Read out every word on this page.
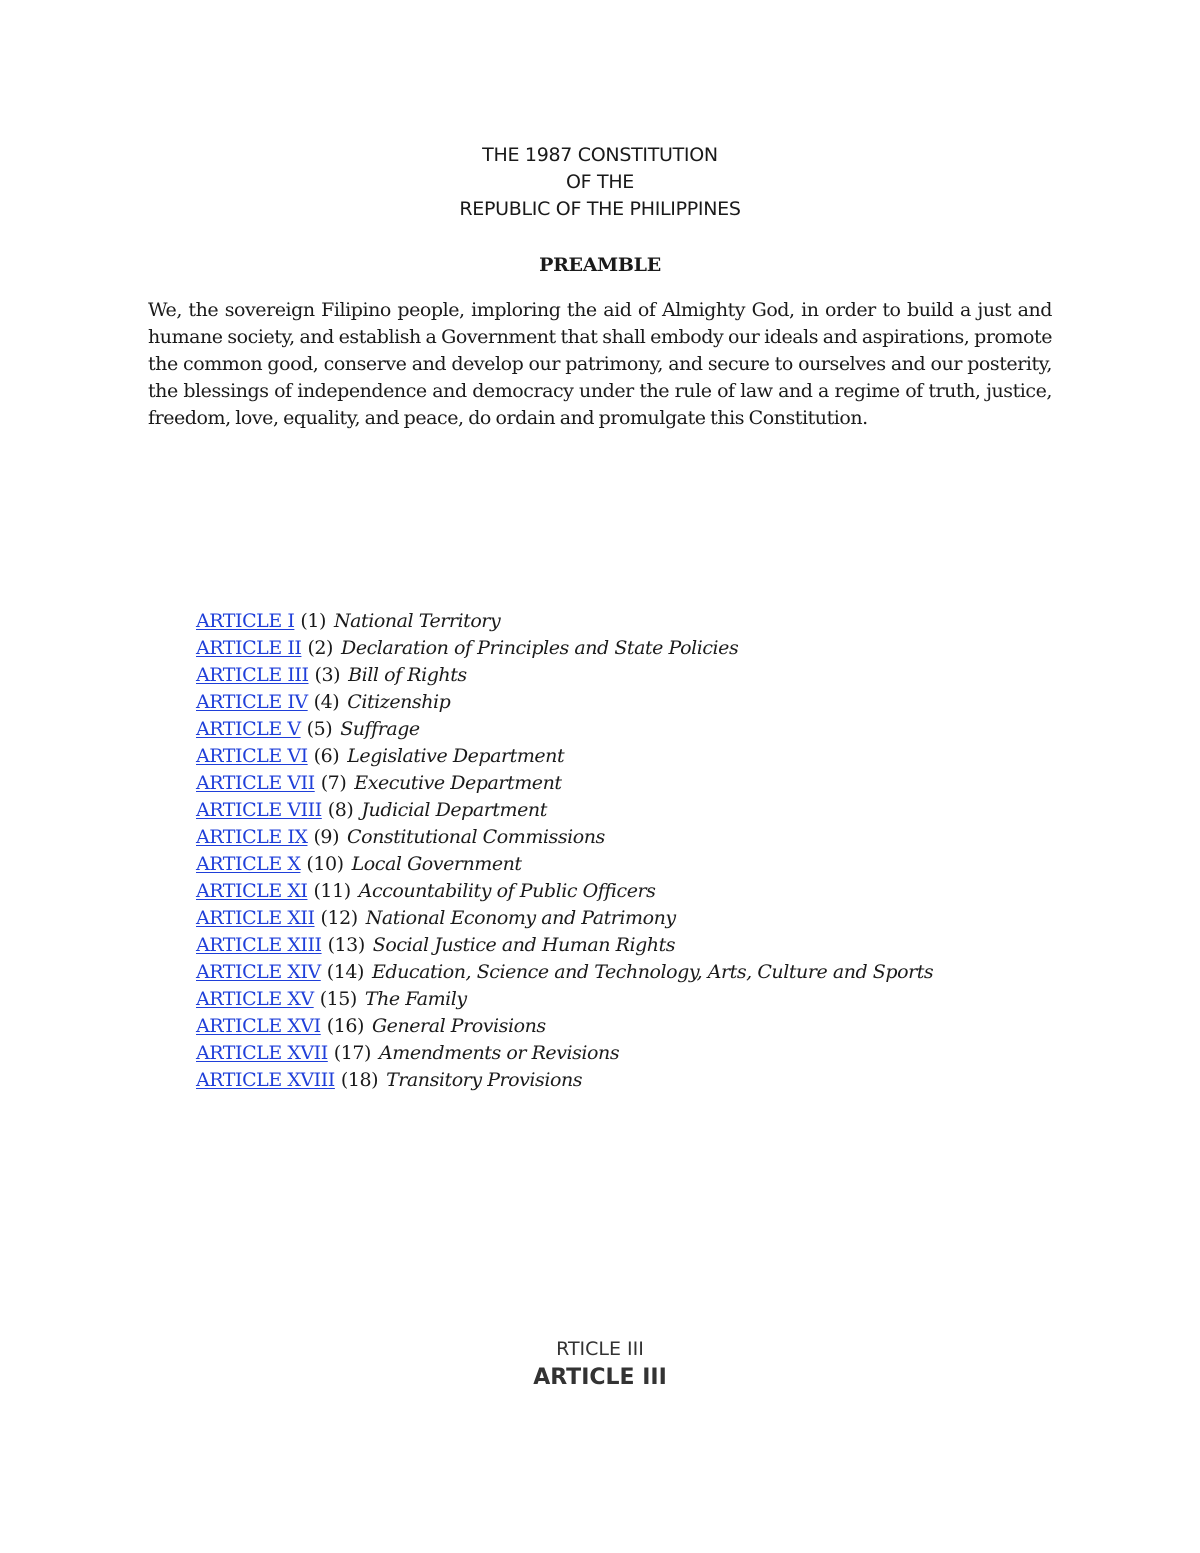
THE 1987 CONSTITUTION
OF THE
REPUBLIC OF THE PHILIPPINES
PREAMBLE

We, the sovereign Filipino people, imploring the aid of Almighty God, in order to build a just and humane society, and establish a Government that shall embody our ideals and aspirations, promote the common good, conserve and develop our patrimony, and secure to ourselves and our posterity, the blessings of independence and democracy under the rule of law and a regime of truth, justice, freedom, love, equality, and peace, do ordain and promulgate this Constitution.

ARTICLE I (1) National Territory
ARTICLE II (2) Declaration of Principles and State Policies
ARTICLE III (3) Bill of Rights
ARTICLE IV (4) Citizenship
ARTICLE V (5) Suffrage
ARTICLE VI (6) Legislative Department
ARTICLE VII (7) Executive Department
ARTICLE VIII (8) Judicial Department
ARTICLE IX (9) Constitutional Commissions
ARTICLE X (10) Local Government
ARTICLE XI (11) Accountability of Public Officers
ARTICLE XII (12) National Economy and Patrimony
ARTICLE XIII (13) Social Justice and Human Rights
ARTICLE XIV (14) Education, Science and Technology, Arts, Culture and Sports
ARTICLE XV (15) The Family
ARTICLE XVI (16) General Provisions
ARTICLE XVII (17) Amendments or Revisions
ARTICLE XVIII (18) Transitory Provisions
RTICLE III
ARTICLE III
